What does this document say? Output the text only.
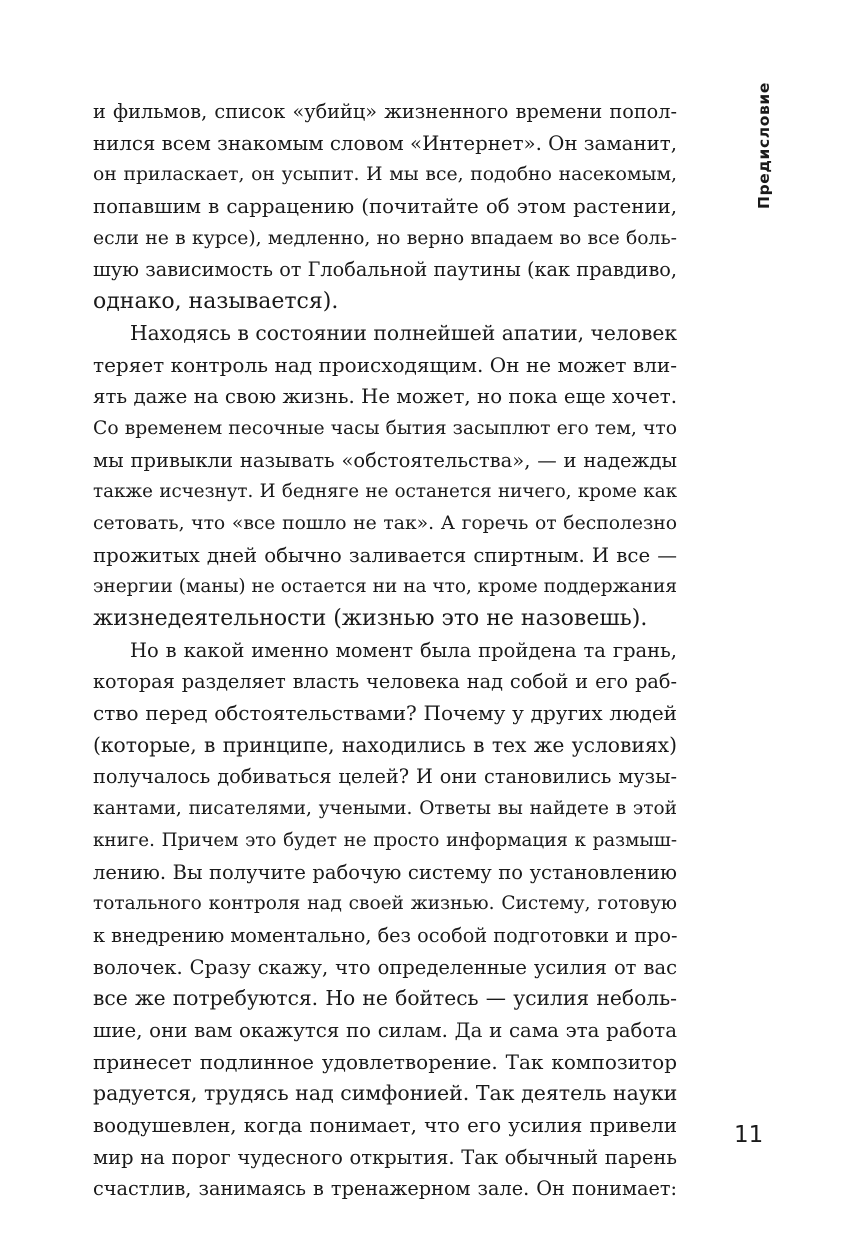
Предисловие
и фильмов, список «убийц» жизненного времени попол-
нился всем знакомым словом «Интернет». Он заманит,
он приласкает, он усыпит. И мы все, подобно насекомым,
попавшим в саррацению (почитайте об этом растении,
если не в курсе), медленно, но верно впадаем во все боль-
шую зависимость от Глобальной паутины (как правдиво,
однако, называется).
Находясь в состоянии полнейшей апатии, человек
теряет контроль над происходящим. Он не может вли-
ять даже на свою жизнь. Не может, но пока еще хочет.
Со временем песочные часы бытия засыплют его тем, что
мы привыкли называть «обстоятельства», — и надежды
также исчезнут. И бедняге не останется ничего, кроме как
сетовать, что «все пошло не так». А горечь от бесполезно
прожитых дней обычно заливается спиртным. И все —
энергии (маны) не остается ни на что, кроме поддержания
жизнедеятельности (жизнью это не назовешь).
Но в какой именно момент была пройдена та грань,
которая разделяет власть человека над собой и его раб-
ство перед обстоятельствами? Почему у других людей
(которые, в принципе, находились в тех же условиях)
получалось добиваться целей? И они становились музы-
кантами, писателями, учеными. Ответы вы найдете в этой
книге. Причем это будет не просто информация к размыш-
лению. Вы получите рабочую систему по установлению
тотального контроля над своей жизнью. Систему, готовую
к внедрению моментально, без особой подготовки и про-
волочек. Сразу скажу, что определенные усилия от вас
все же потребуются. Но не бойтесь — усилия неболь-
шие, они вам окажутся по силам. Да и сама эта работа
принесет подлинное удовлетворение. Так композитор
радуется, трудясь над симфонией. Так деятель науки
воодушевлен, когда понимает, что его усилия привели
мир на порог чудесного открытия. Так обычный парень
счастлив, занимаясь в тренажерном зале. Он понимает:
11
